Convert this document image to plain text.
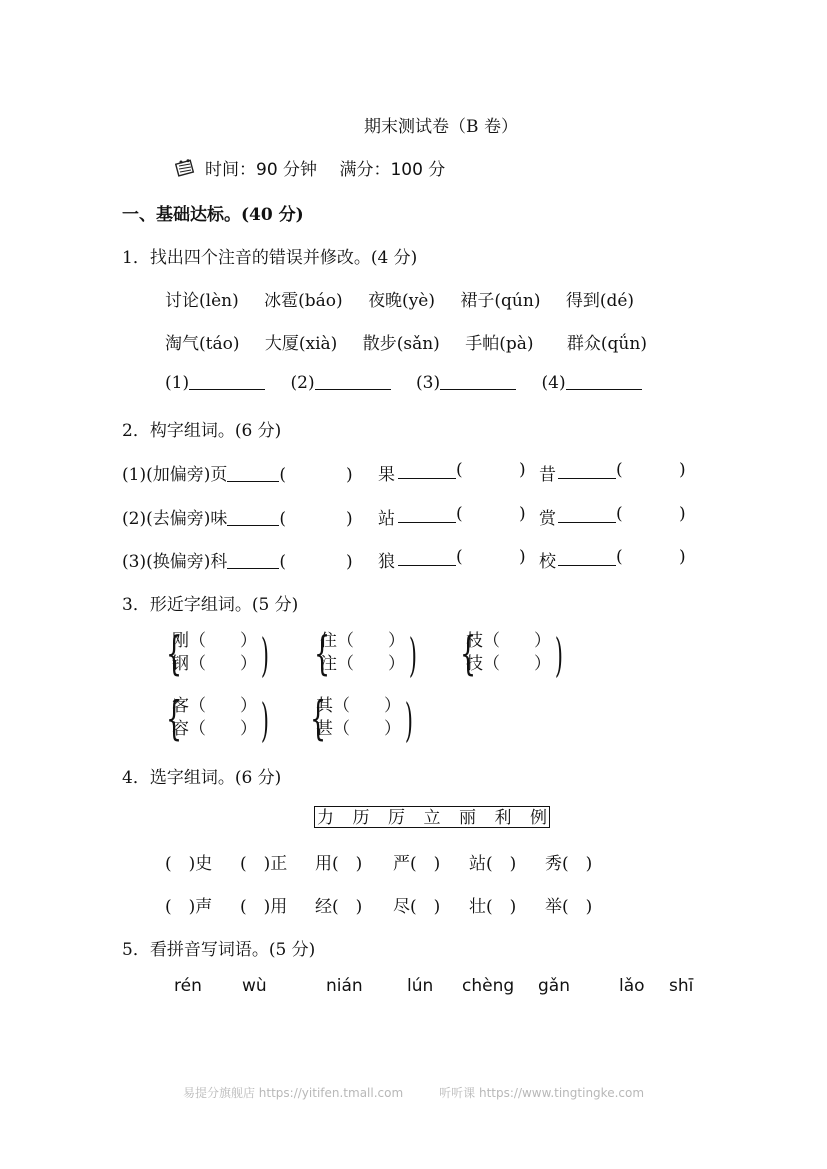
期末测试卷（B 卷）
时间：90 分钟　 满分：100 分
一、基础达标。(40 分)
1．找出四个注音的错误并修改。(4 分)
讨论(lèn) 冰雹(báo) 夜晚(yè) 裙子(qún) 得到(dé)
淘气(táo) 大厦(xià) 散步(sǎn) 手帕(pà) 群众(qǘn)
(1)	(2)	(3)	(4)
2．构字组词。(6 分)
(1)(加偏旁)页	(	) 果	(	) 昔	(	)
(2)(去偏旁)味	(	) 站	(	) 赏	(	)
(3)(换偏旁)科	(	) 狼	(	) 校	(	)
3．形近字组词。(5 分)
{
刚（　　）
钢（　　） ) {
住（　　）
注（　　） ) {
枝（　　）
技（　　） )
{
客（　　）
容（　　） ) {
其（　　）
甚（　　） )
4．选字组词。(6 分)
力 历 厉 立 丽 利 例
(　)史 (　)正 用(　) 严(　) 站(　) 秀(　)
(　)声 (　)用 经(　) 尽(　) 壮(　) 举(　)
5．看拼音写词语。(5 分)
rén wù	nián	lún chèng gǎn	lǎo shī
易提分旗舰店 https://yitifen.tmall.com　　　听听课 https://www.tingtingke.com
